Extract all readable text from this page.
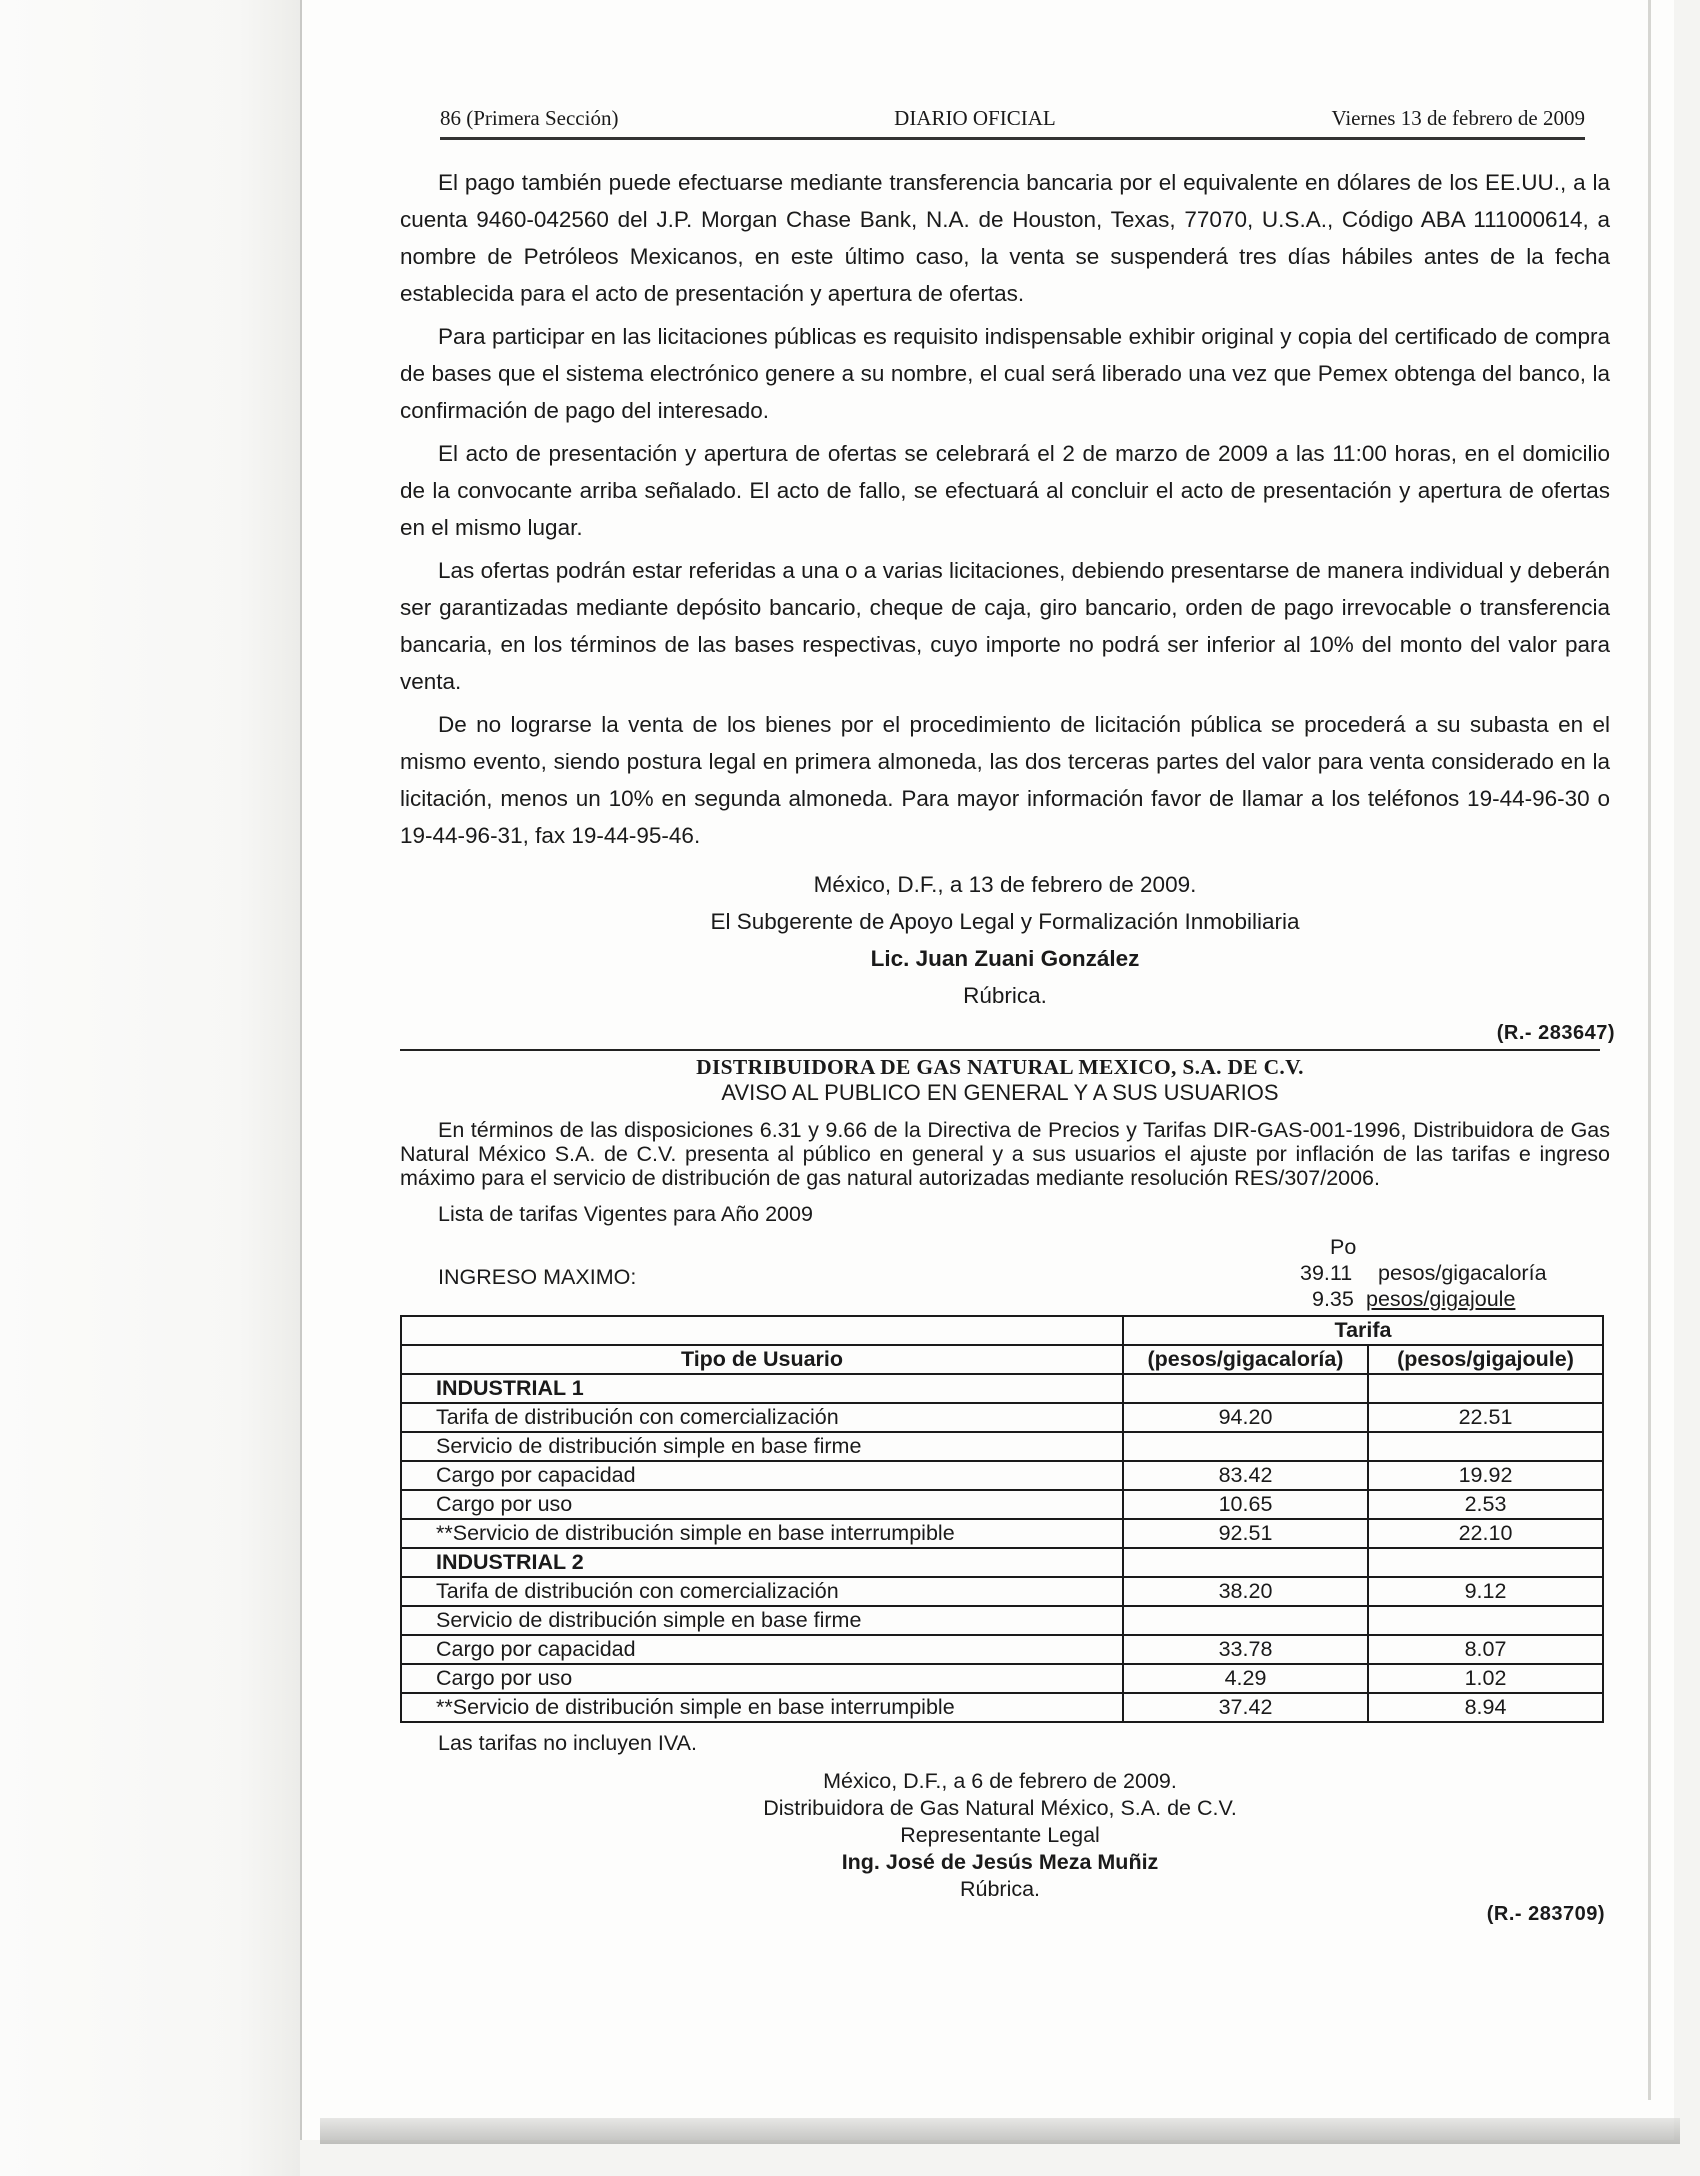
86 (Primera Sección)	DIARIO OFICIAL	Viernes 13 de febrero de 2009

El pago también puede efectuarse mediante transferencia bancaria por el equivalente en dólares de los EE.UU., a la cuenta 9460-042560 del J.P. Morgan Chase Bank, N.A. de Houston, Texas, 77070, U.S.A., Código ABA 111000614, a nombre de Petróleos Mexicanos, en este último caso, la venta se suspenderá tres días hábiles antes de la fecha establecida para el acto de presentación y apertura de ofertas.

Para participar en las licitaciones públicas es requisito indispensable exhibir original y copia del certificado de compra de bases que el sistema electrónico genere a su nombre, el cual será liberado una vez que Pemex obtenga del banco, la confirmación de pago del interesado.

El acto de presentación y apertura de ofertas se celebrará el 2 de marzo de 2009 a las 11:00 horas, en el domicilio de la convocante arriba señalado. El acto de fallo, se efectuará al concluir el acto de presentación y apertura de ofertas en el mismo lugar.

Las ofertas podrán estar referidas a una o a varias licitaciones, debiendo presentarse de manera individual y deberán ser garantizadas mediante depósito bancario, cheque de caja, giro bancario, orden de pago irrevocable o transferencia bancaria, en los términos de las bases respectivas, cuyo importe no podrá ser inferior al 10% del monto del valor para venta.

De no lograrse la venta de los bienes por el procedimiento de licitación pública se procederá a su subasta en el mismo evento, siendo postura legal en primera almoneda, las dos terceras partes del valor para venta considerado en la licitación, menos un 10% en segunda almoneda. Para mayor información favor de llamar a los teléfonos 19-44-96-30 o 19-44-96-31, fax 19-44-95-46.

México, D.F., a 13 de febrero de 2009.
El Subgerente de Apoyo Legal y Formalización Inmobiliaria
Lic. Juan Zuani González
Rúbrica.
(R.- 283647)
DISTRIBUIDORA DE GAS NATURAL MEXICO, S.A. DE C.V.
AVISO AL PUBLICO EN GENERAL Y A SUS USUARIOS

En términos de las disposiciones 6.31 y 9.66 de la Directiva de Precios y Tarifas DIR-GAS-001-1996, Distribuidora de Gas Natural México S.A. de C.V. presenta al público en general y a sus usuarios el ajuste por inflación de las tarifas e ingreso máximo para el servicio de distribución de gas natural autorizadas mediante resolución RES/307/2006.

Lista de tarifas Vigentes para Año 2009
INGRESO MAXIMO:
Po
39.11 pesos/gigacaloría
9.35 pesos/gigajoule
	Tarifa	
Tipo de Usuario	(pesos/gigacaloría)	(pesos/gigajoule)
INDUSTRIAL 1		
Tarifa de distribución con comercialización	94.20	22.51
Servicio de distribución simple en base firme		
Cargo por capacidad	83.42	19.92
Cargo por uso	10.65	2.53
**Servicio de distribución simple en base interrumpible	92.51	22.10
INDUSTRIAL 2		
Tarifa de distribución con comercialización	38.20	9.12
Servicio de distribución simple en base firme		
Cargo por capacidad	33.78	8.07
Cargo por uso	4.29	1.02
**Servicio de distribución simple en base interrumpible	37.42	8.94
Las tarifas no incluyen IVA.
México, D.F., a 6 de febrero de 2009.
Distribuidora de Gas Natural México, S.A. de C.V.
Representante Legal
Ing. José de Jesús Meza Muñiz
Rúbrica.
(R.- 283709)
